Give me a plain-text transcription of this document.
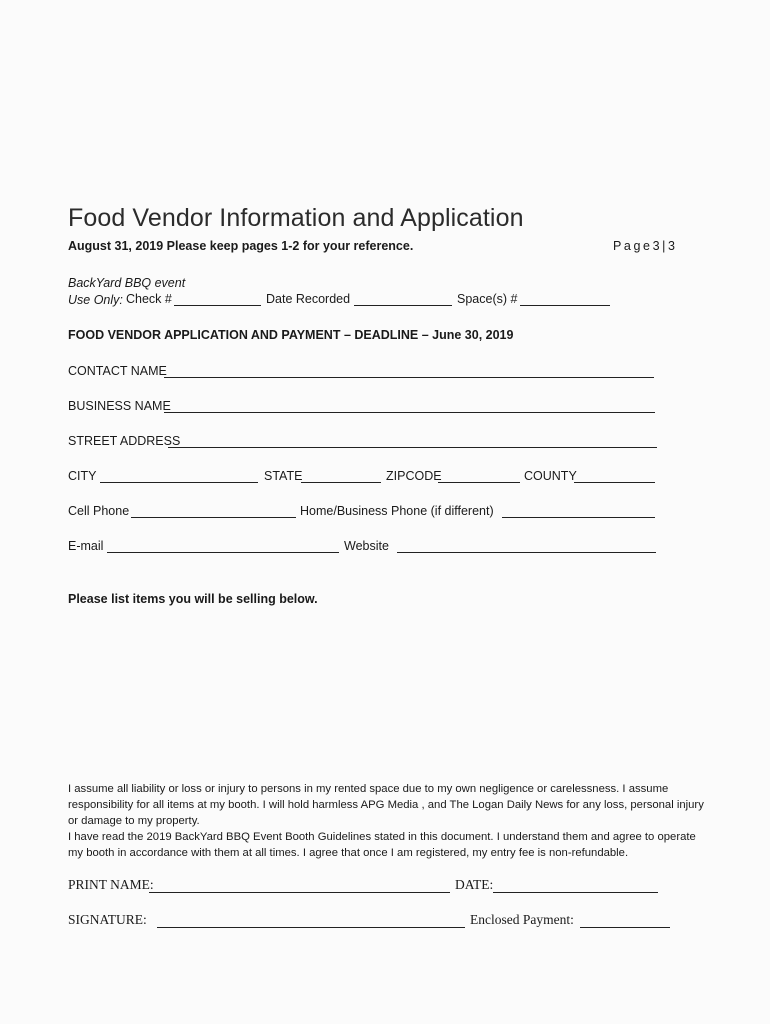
Food Vendor Information and Application
August 31, 2019 Please keep pages 1-2 for your reference.	Page3|3
BackYard BBQ event
Use Only: Check #	Date Recorded	Space(s) #
FOOD VENDOR APPLICATION AND PAYMENT – DEADLINE – June 30, 2019
CONTACT NAME
BUSINESS NAME
STREET ADDRESS
CITY	STATE	ZIPCODE	COUNTY
Cell Phone	Home/Business Phone (if different)
E-mail	Website
Please list items you will be selling below.
I assume all liability or loss or injury to persons in my rented space due to my own negligence or carelessness. I assume responsibility for all items at my booth. I will hold harmless APG Media , and The Logan Daily News for any loss, personal injury or damage to my property.
I have read the 2019 BackYard BBQ Event Booth Guidelines stated in this document. I understand them and agree to operate my booth in accordance with them at all times. I agree that once I am registered, my entry fee is non-refundable.
PRINT NAME:	DATE:
SIGNATURE:	Enclosed Payment:
